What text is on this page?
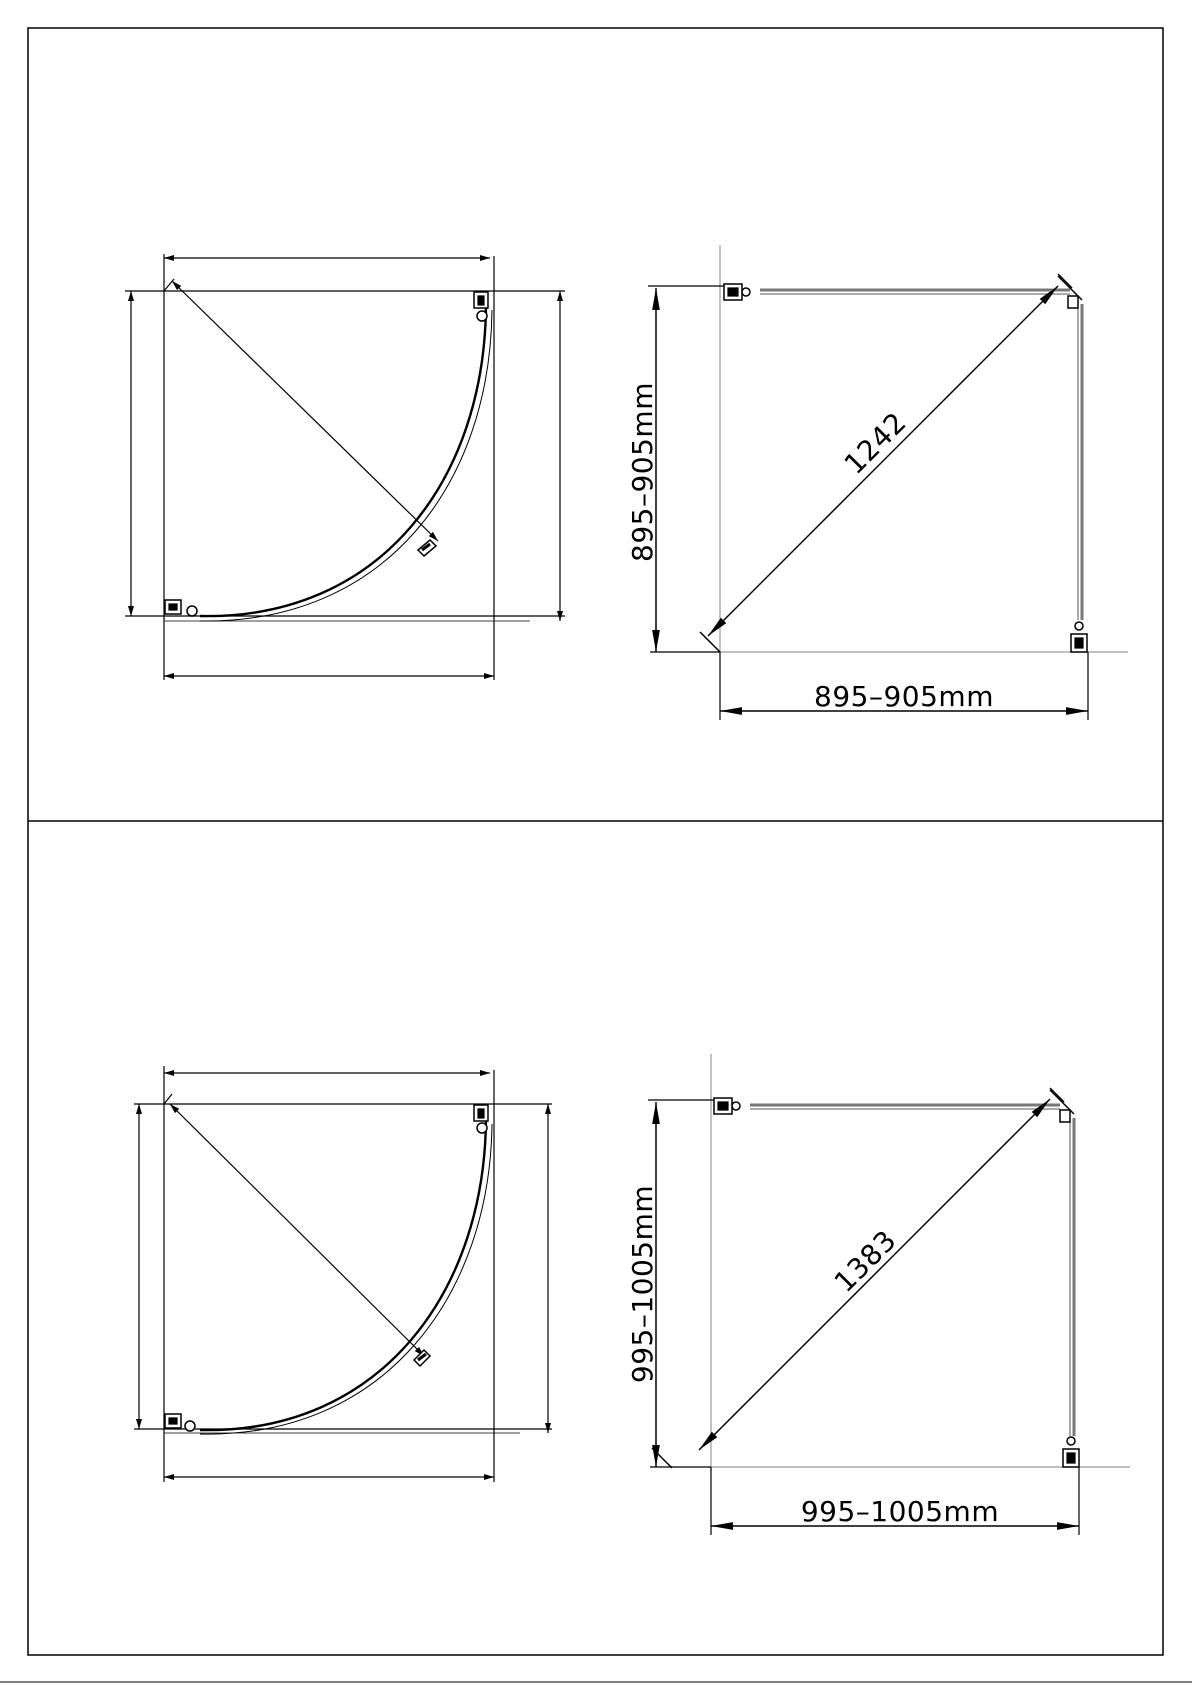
895–905mm
895–905mm
1242
995–1005mm
995–1005mm
1383
